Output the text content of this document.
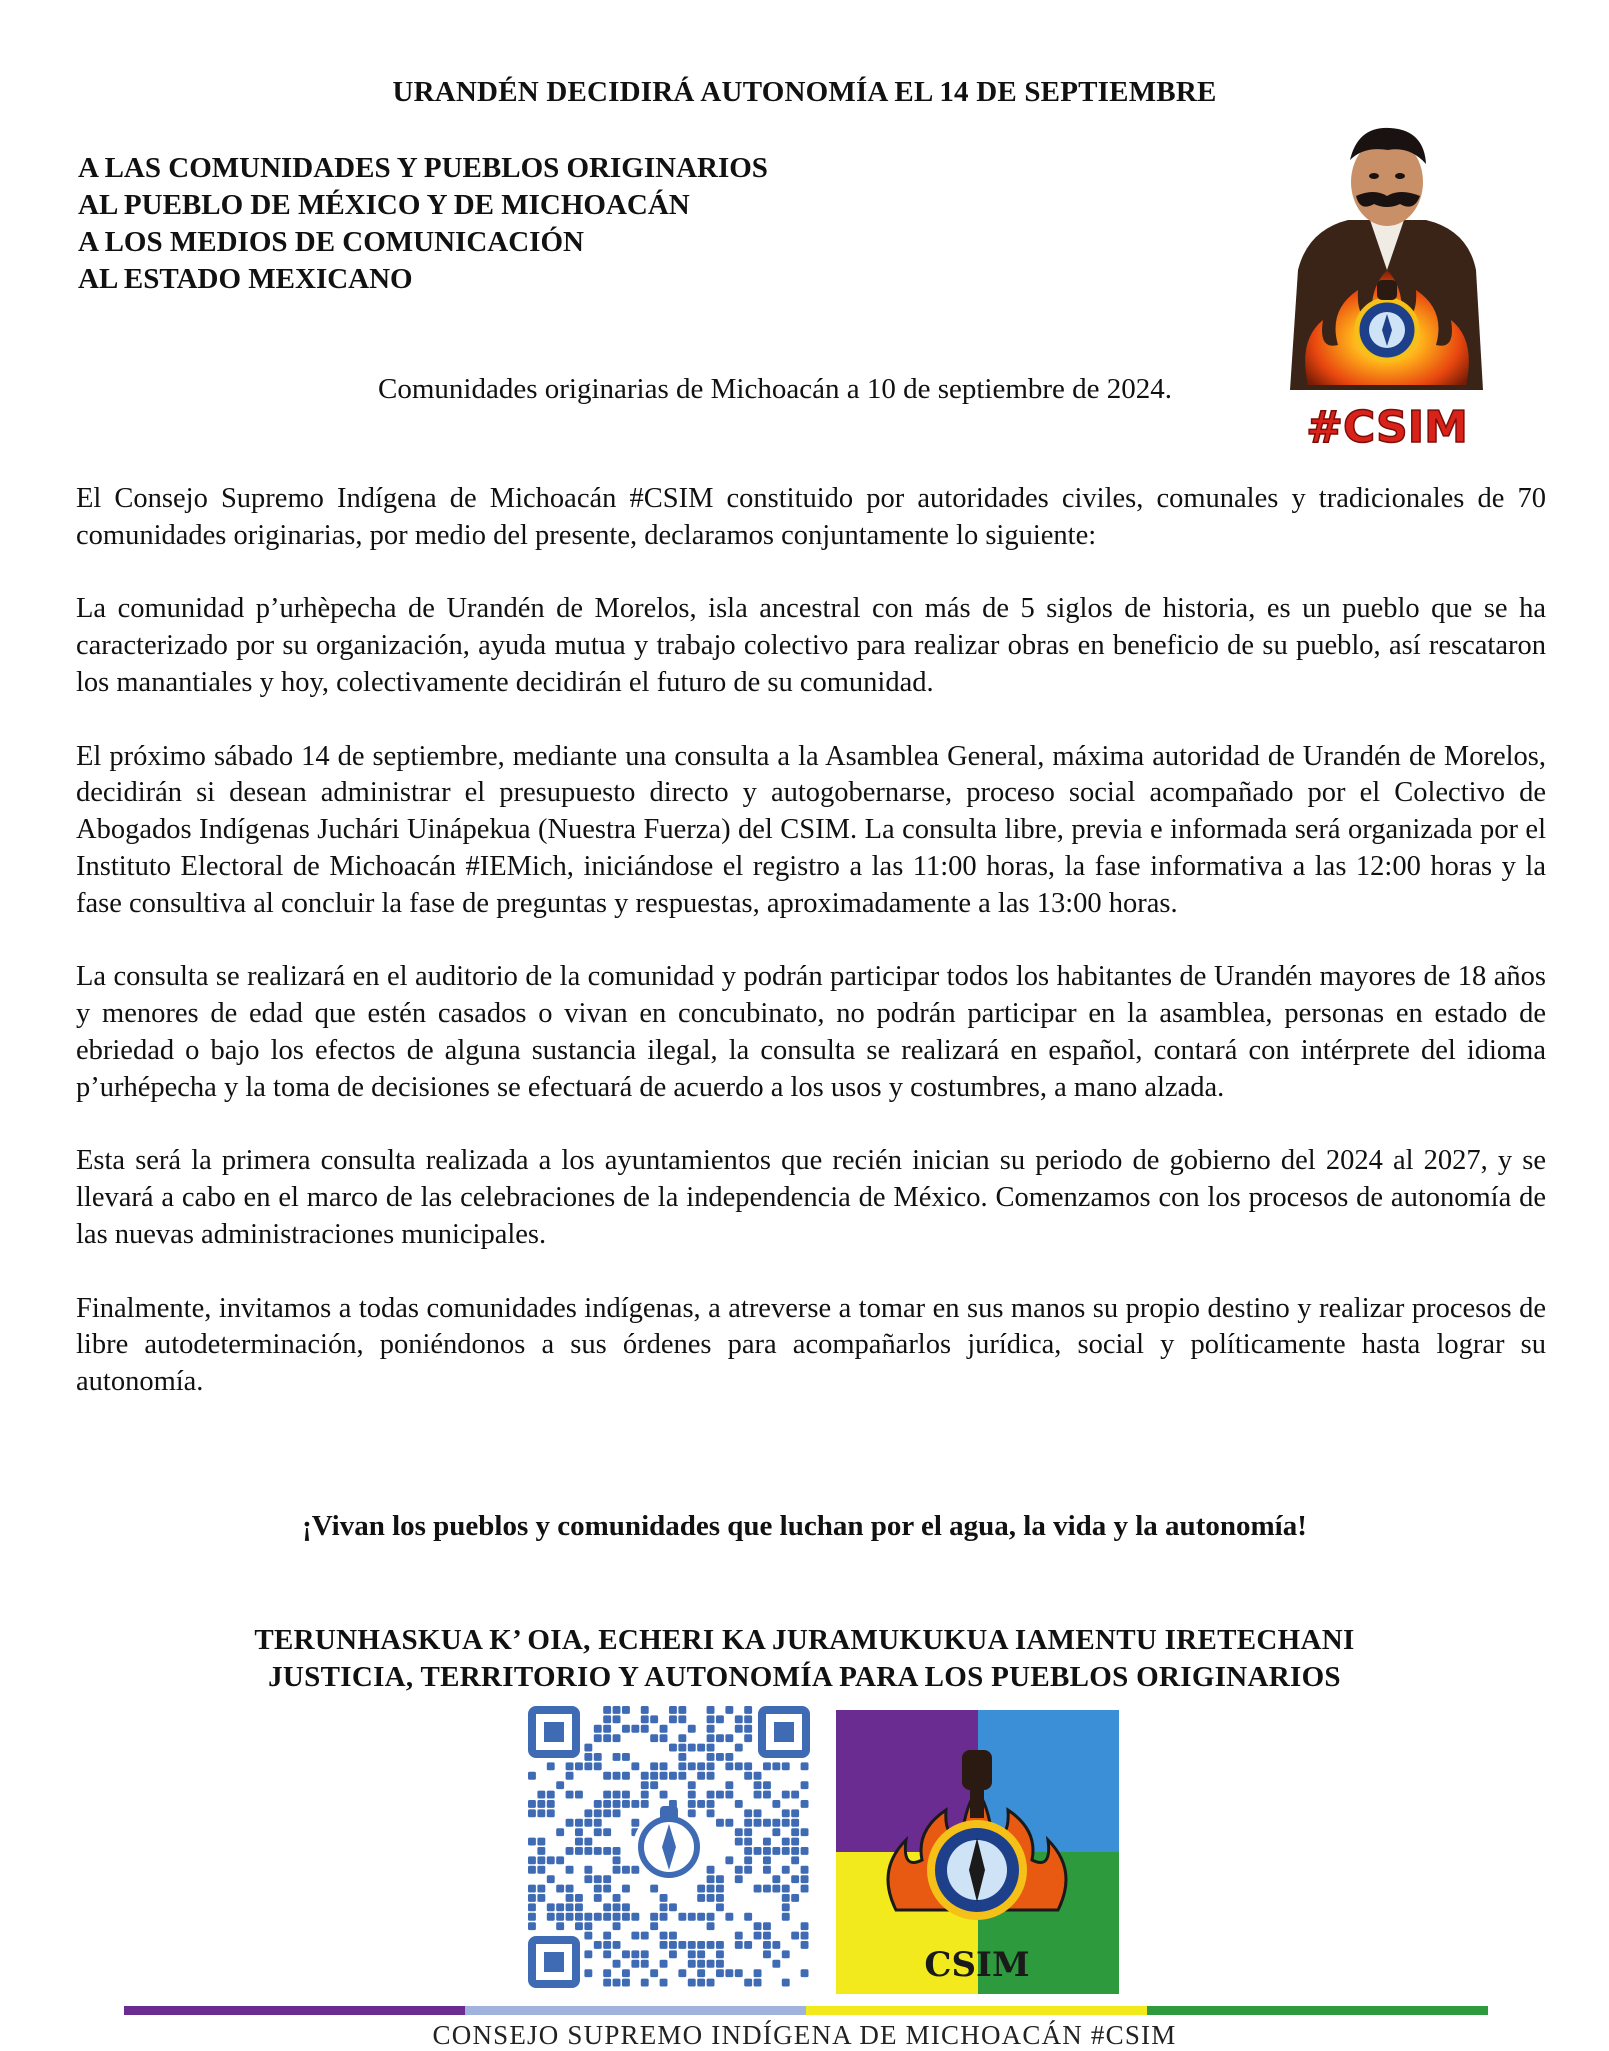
URANDÉN DECIDIRÁ AUTONOMÍA EL 14 DE SEPTIEMBRE
A LAS COMUNIDADES Y PUEBLOS ORIGINARIOS
AL PUEBLO DE MÉXICO Y DE MICHOACÁN
A LOS MEDIOS DE COMUNICACIÓN
AL ESTADO MEXICANO
Comunidades originarias de Michoacán a 10 de septiembre de 2024.
#CSIM

El Consejo Supremo Indígena de Michoacán #CSIM constituido por autoridades civiles, comunales y tradicionales de 70 comunidades originarias, por medio del presente, declaramos conjuntamente lo siguiente:

La comunidad p’urhèpecha de Urandén de Morelos, isla ancestral con más de 5 siglos de historia, es un pueblo que se ha caracterizado por su organización, ayuda mutua y trabajo colectivo para realizar obras en beneficio de su pueblo, así rescataron los manantiales y hoy, colectivamente decidirán el futuro de su comunidad.

El próximo sábado 14 de septiembre, mediante una consulta a la Asamblea General, máxima autoridad de Urandén de Morelos, decidirán si desean administrar el presupuesto directo y autogobernarse, proceso social acompañado por el Colectivo de Abogados Indígenas Juchári Uinápekua (Nuestra Fuerza) del CSIM. La consulta libre, previa e informada será organizada por el Instituto Electoral de Michoacán #IEMich, iniciándose el registro a las 11:00 horas, la fase informativa a las 12:00 horas y la fase consultiva al concluir la fase de preguntas y respuestas, aproximadamente a las 13:00 horas.

La consulta se realizará en el auditorio de la comunidad y podrán participar todos los habitantes de Urandén mayores de 18 años y menores de edad que estén casados o vivan en concubinato, no podrán participar en la asamblea, personas en estado de ebriedad o bajo los efectos de alguna sustancia ilegal, la consulta se realizará en español, contará con intérprete del idioma p’urhépecha y la toma de decisiones se efectuará de acuerdo a los usos y costumbres, a mano alzada.

Esta será la primera consulta realizada a los ayuntamientos que recién inician su periodo de gobierno del 2024 al 2027, y se llevará a cabo en el marco de las celebraciones de la independencia de México. Comenzamos con los procesos de autonomía de las nuevas administraciones municipales.

Finalmente, invitamos a todas comunidades indígenas, a atreverse a tomar en sus manos su propio destino y realizar procesos de libre autodeterminación, poniéndonos a sus órdenes para acompañarlos jurídica, social y políticamente hasta lograr su autonomía.

¡Vivan los pueblos y comunidades que luchan por el agua, la vida y la autonomía!
TERUNHASKUA K’ OIA, ECHERI KA JURAMUKUKUA IAMENTU IRETECHANI
JUSTICIA, TERRITORIO Y AUTONOMÍA PARA LOS PUEBLOS ORIGINARIOS
CSIM
CONSEJO SUPREMO INDÍGENA DE MICHOACÁN #CSIM
